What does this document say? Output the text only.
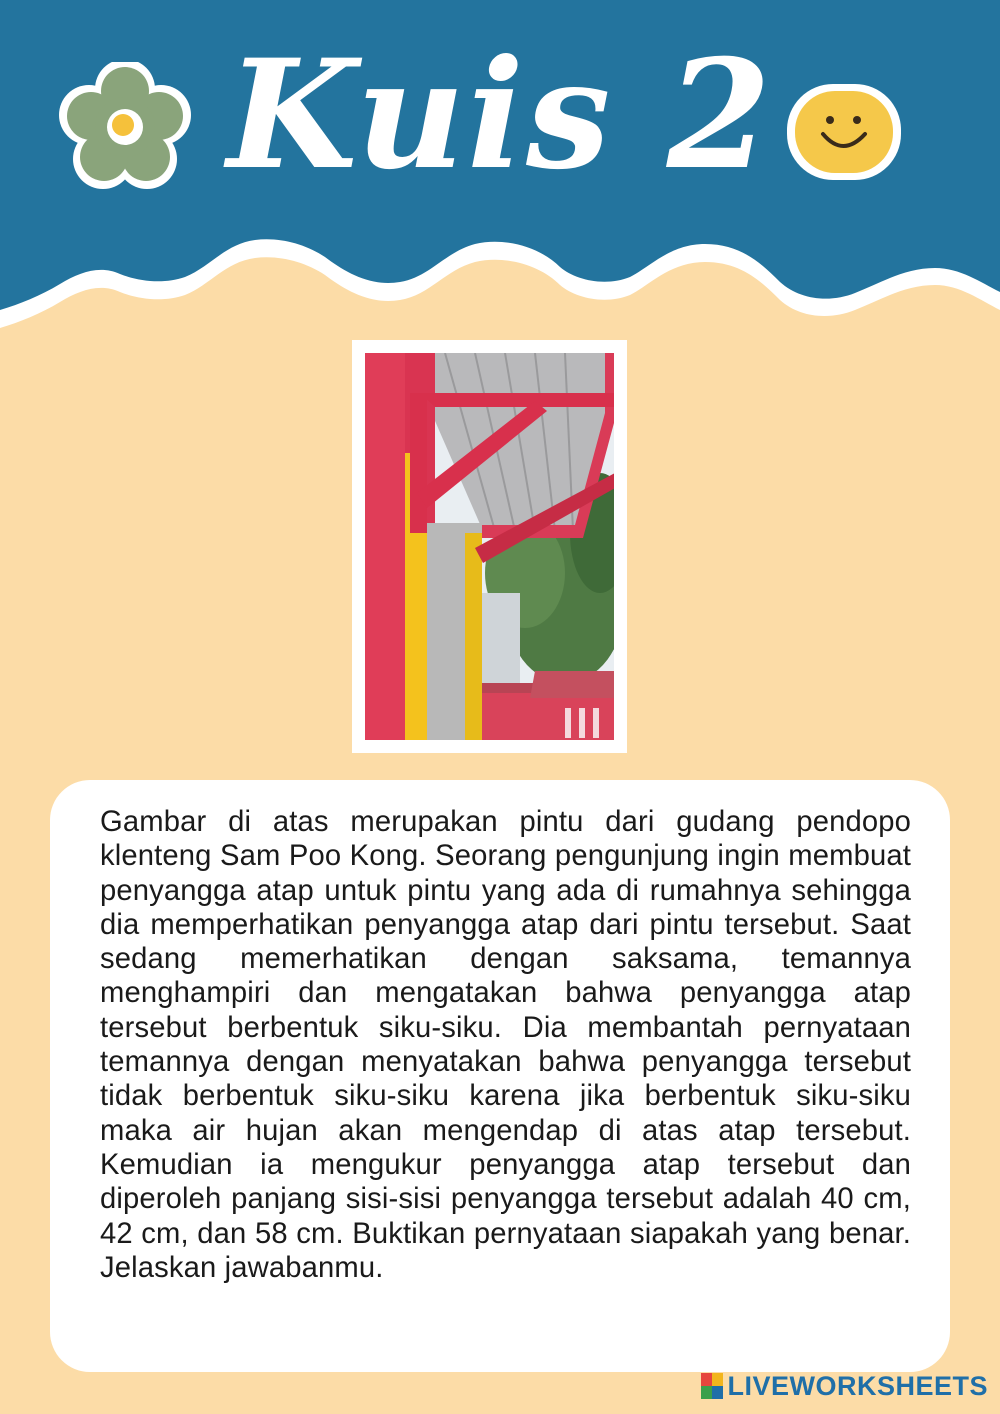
Kuis 2

Gambar di atas merupakan pintu dari gudang pendopo klenteng Sam Poo Kong. Seorang pengunjung ingin membuat penyangga atap untuk pintu yang ada di rumahnya sehingga dia memperhatikan penyangga atap dari pintu tersebut. Saat sedang memerhatikan dengan saksama, temannya menghampiri dan mengatakan bahwa penyangga atap tersebut berbentuk siku-siku. Dia membantah pernyataan temannya dengan menyatakan bahwa penyangga tersebut tidak berbentuk siku-siku karena jika berbentuk siku-siku maka air hujan akan mengendap di atas atap tersebut. Kemudian ia mengukur penyangga atap tersebut dan diperoleh panjang sisi-sisi penyangga tersebut adalah 40 cm, 42 cm, dan 58 cm. Buktikan pernyataan siapakah yang benar. Jelaskan jawabanmu.

LIVEWORKSHEETS
